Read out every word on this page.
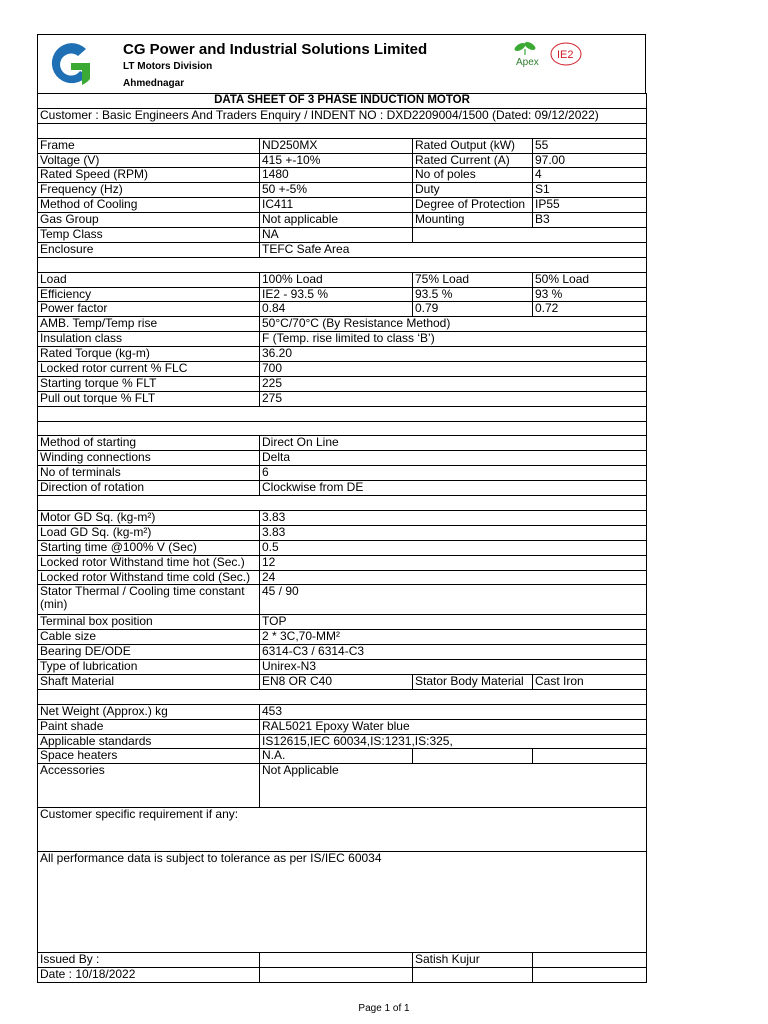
CG Power and Industrial Solutions Limited
LT Motors Division
Ahmednagar
Apex
IE2
DATA SHEET OF 3 PHASE INDUCTION MOTOR			
Customer : Basic Engineers And Traders Enquiry / INDENT NO : DXD2209004/1500 (Dated: 09/12/2022)			

Frame	ND250MX	Rated Output (kW)	55
Voltage (V)	415 +-10%	Rated Current (A)	97.00
Rated Speed (RPM)	1480	No of poles	4
Frequency (Hz)	50 +-5%	Duty	S1
Method of Cooling	IC411	Degree of Protection	IP55
Gas Group	Not applicable	Mounting	B3
Temp Class	NA		
Enclosure	TEFC Safe Area		

Load	100% Load	75% Load	50% Load
Efficiency	IE2 - 93.5 %	93.5 %	93 %
Power factor	0.84	0.79	0.72
AMB. Temp/Temp rise	50°C/70°C (By Resistance Method)		
Insulation class	F (Temp. rise limited to class ‘B’)		
Rated Torque (kg-m)	36.20		
Locked rotor current % FLC	700		
Starting torque % FLT	225		
Pull out torque % FLT	275		

Method of starting	Direct On Line		
Winding connections	Delta		
No of terminals	6		
Direction of rotation	Clockwise from DE		

Motor GD Sq. (kg-m²)	3.83		
Load GD Sq. (kg-m²)	3.83		
Starting time @100% V (Sec)	0.5		
Locked rotor Withstand time hot (Sec.)	12		
Locked rotor Withstand time cold (Sec.)	24		
Stator Thermal / Cooling time constant (min)	45 / 90		
Terminal box position	TOP		
Cable size	2 * 3C,70-MM²		
Bearing DE/ODE	6314-C3 / 6314-C3		
Type of lubrication	Unirex-N3		
Shaft Material	EN8 OR C40	Stator Body Material	Cast Iron

Net Weight (Approx.) kg	453		
Paint shade	RAL5021 Epoxy Water blue		
Applicable standards	IS12615,IEC 60034,IS:1231,IS:325,		
Space heaters	N.A.		
Accessories	Not Applicable		
Customer specific requirement if any:			
All performance data is subject to tolerance as per IS/IEC 60034			
Issued By :		Satish Kujur	
Date : 10/18/2022			
Page 1 of 1
